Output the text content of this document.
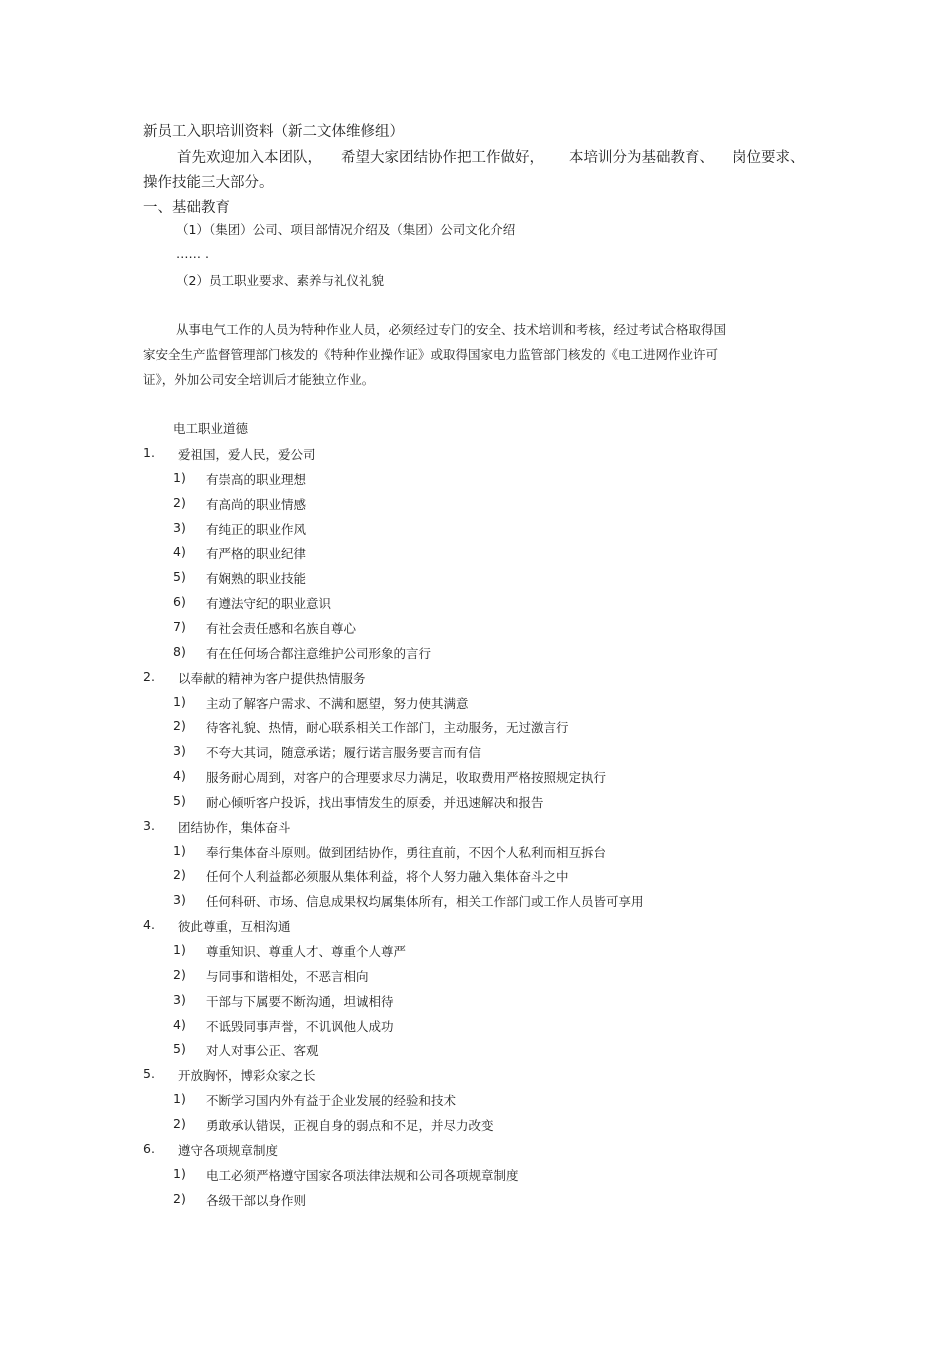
新员工入职培训资料（新二文体维修组）
首先欢迎加入本团队， 希望大家团结协作把工作做好， 本培训分为基础教育、 岗位要求、
操作技能三大部分。
一、基础教育
（1）（集团）公司、项目部情况介绍及（集团）公司文化介绍
…… .
（2）员工职业要求、素养与礼仪礼貌
从事电气工作的人员为特种作业人员，必须经过专门的安全、技术培训和考核，经过考试合格取得国
家安全生产监督管理部门核发的《特种作业操作证》或取得国家电力监管部门核发的《电工进网作业许可
证》，外加公司安全培训后才能独立作业。
电工职业道德
1. 爱祖国，爱人民，爱公司
1) 有崇高的职业理想
2) 有高尚的职业情感
3) 有纯正的职业作风
4) 有严格的职业纪律
5) 有娴熟的职业技能
6) 有遵法守纪的职业意识
7) 有社会责任感和名族自尊心
8) 有在任何场合都注意维护公司形象的言行
2. 以奉献的精神为客户提供热情服务
1) 主动了解客户需求、不满和愿望，努力使其满意
2) 待客礼貌、热情，耐心联系相关工作部门，主动服务，无过激言行
3) 不夸大其词，随意承诺；履行诺言服务要言而有信
4) 服务耐心周到，对客户的合理要求尽力满足，收取费用严格按照规定执行
5) 耐心倾听客户投诉，找出事情发生的原委，并迅速解决和报告
3. 团结协作，集体奋斗
1) 奉行集体奋斗原则。做到团结协作，勇往直前，不因个人私利而相互拆台
2) 任何个人利益都必须服从集体利益，将个人努力融入集体奋斗之中
3) 任何科研、市场、信息成果权均属集体所有，相关工作部门或工作人员皆可享用
4. 彼此尊重，互相沟通
1) 尊重知识、尊重人才、尊重个人尊严
2) 与同事和谐相处，不恶言相向
3) 干部与下属要不断沟通，坦诚相待
4) 不诋毁同事声誉，不讥讽他人成功
5) 对人对事公正、客观
5. 开放胸怀，博彩众家之长
1) 不断学习国内外有益于企业发展的经验和技术
2) 勇敢承认错误，正视自身的弱点和不足，并尽力改变
6. 遵守各项规章制度
1) 电工必须严格遵守国家各项法律法规和公司各项规章制度
2) 各级干部以身作则
